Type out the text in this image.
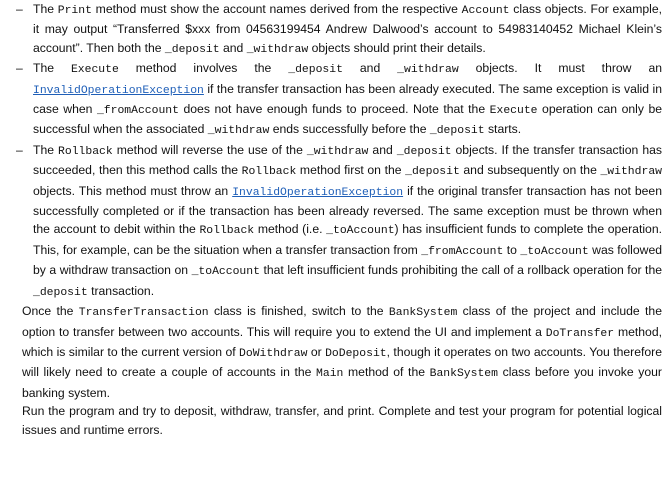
– The Print method must show the account names derived from the respective Account class objects. For example, it may output “Transferred $xxx from 04563199454 Andrew Dalwood’s account to 54983140452 Michael Klein’s account”. Then both the _deposit and _withdraw objects should print their details.
– The Execute method involves the _deposit and _withdraw objects. It must throw an InvalidOperationException if the transfer transaction has been already executed. The same exception is valid in case when _fromAccount does not have enough funds to proceed. Note that the Execute operation can only be successful when the associated _withdraw ends successfully before the _deposit starts.
– The Rollback method will reverse the use of the _withdraw and _deposit objects. If the transfer transaction has succeeded, then this method calls the Rollback method first on the _deposit and subsequently on the _withdraw objects. This method must throw an InvalidOperationException if the original transfer transaction has not been successfully completed or if the transaction has been already reversed. The same exception must be thrown when the account to debit within the Rollback method (i.e. _toAccount) has insufficient funds to complete the operation. This, for example, can be the situation when a transfer transaction from _fromAccount to _toAccount was followed by a withdraw transaction on _toAccount that left insufficient funds prohibiting the call of a rollback operation for the _deposit transaction.

Once the TransferTransaction class is finished, switch to the BankSystem class of the project and include the option to transfer between two accounts. This will require you to extend the UI and implement a DoTransfer method, which is similar to the current version of DoWithdraw or DoDeposit, though it operates on two accounts. You therefore will likely need to create a couple of accounts in the Main method of the BankSystem class before you invoke your banking system.

Run the program and try to deposit, withdraw, transfer, and print. Complete and test your program for potential logical issues and runtime errors.
